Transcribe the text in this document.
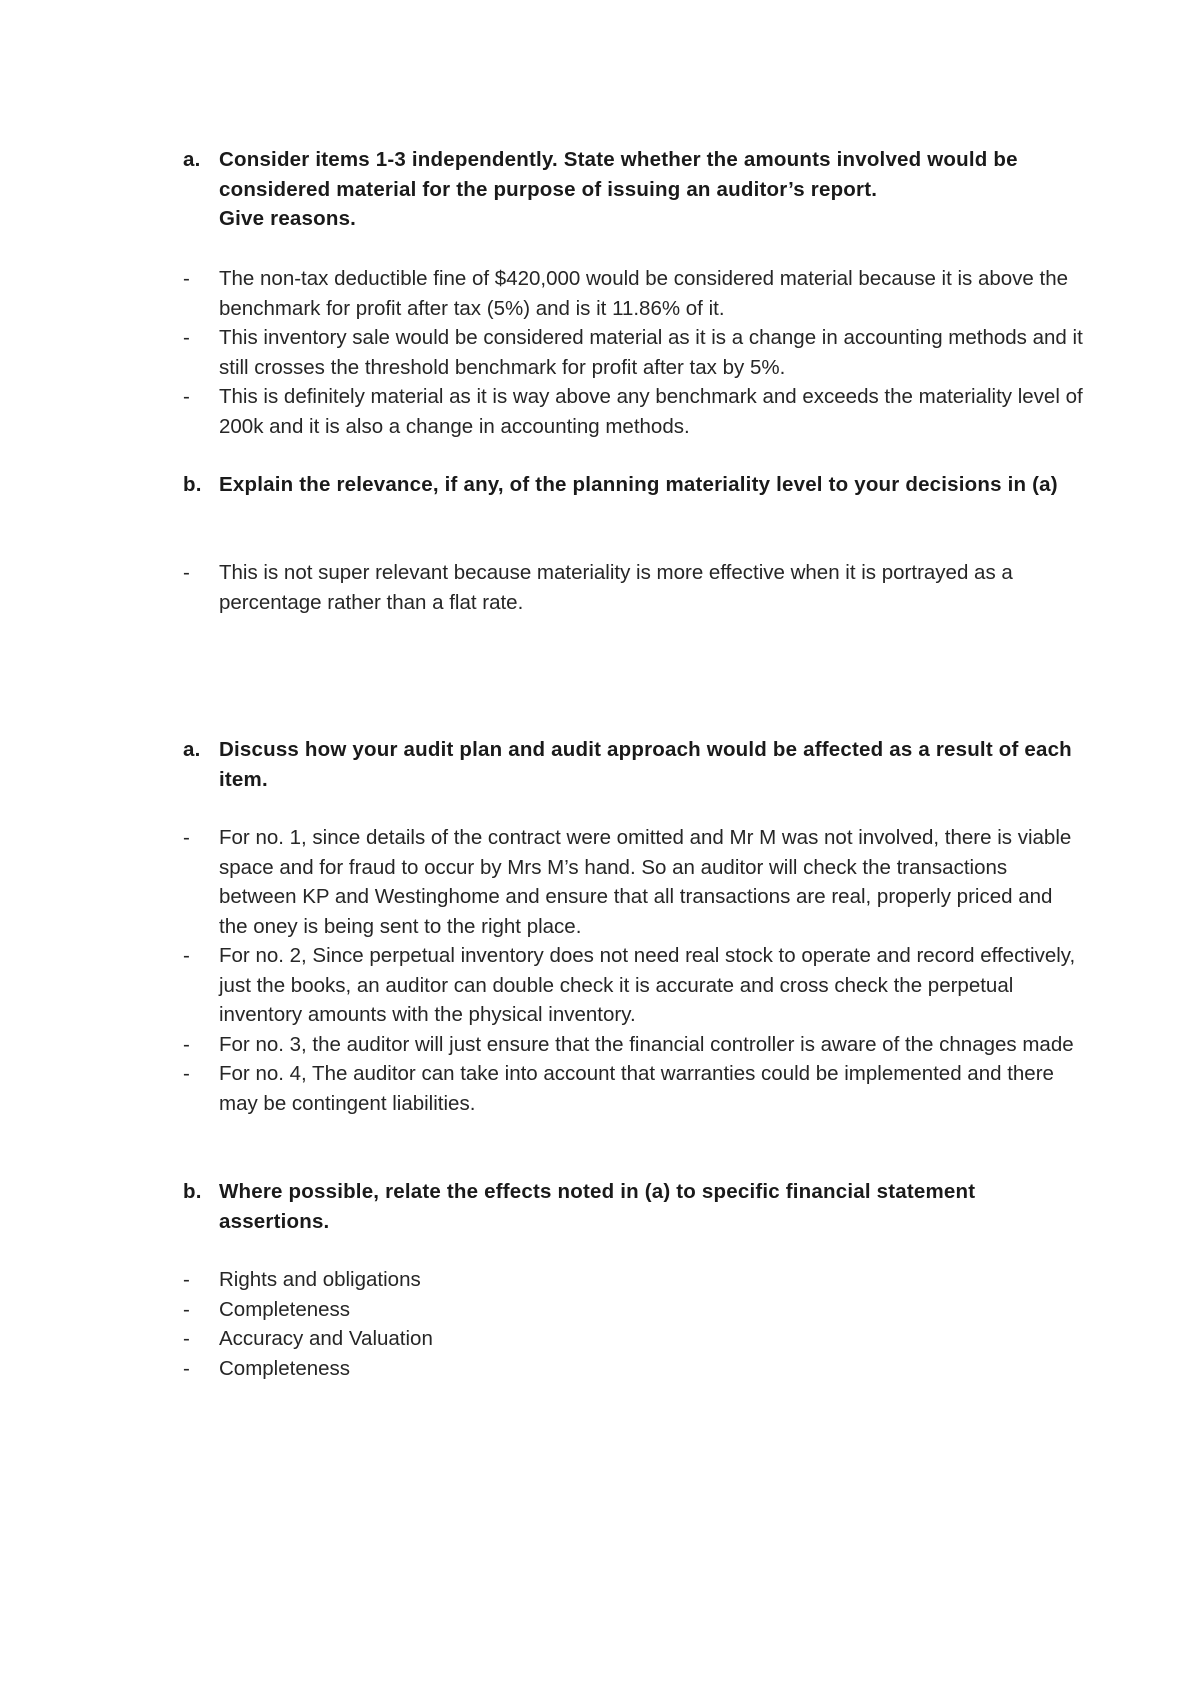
a. Consider items 1-3 independently. State whether the amounts involved would be considered material for the purpose of issuing an auditor’s report.
Give reasons.
- The non-tax deductible fine of $420,000 would be considered material because it is above the benchmark for profit after tax (5%) and is it 11.86% of it.
- This inventory sale would be considered material as it is a change in accounting methods and it still crosses the threshold benchmark for profit after tax by 5%.
- This is definitely material as it is way above any benchmark and exceeds the materiality level of 200k and it is also a change in accounting methods.
b. Explain the relevance, if any, of the planning materiality level to your decisions in (a)
- This is not super relevant because materiality is more effective when it is portrayed as a percentage rather than a flat rate.
a. Discuss how your audit plan and audit approach would be affected as a result of each item.
- For no. 1, since details of the contract were omitted and Mr M was not involved, there is viable space and for fraud to occur by Mrs M’s hand. So an auditor will check the transactions between KP and Westinghome and ensure that all transactions are real, properly priced and the oney is being sent to the right place.
- For no. 2, Since perpetual inventory does not need real stock to operate and record effectively, just the books, an auditor can double check it is accurate and cross check the perpetual inventory amounts with the physical inventory.
- For no. 3, the auditor will just ensure that the financial controller is aware of the chnages made
- For no. 4, The auditor can take into account that warranties could be implemented and there may be contingent liabilities.
b. Where possible, relate the effects noted in (a) to specific financial statement assertions.
- Rights and obligations
- Completeness
- Accuracy and Valuation
- Completeness
